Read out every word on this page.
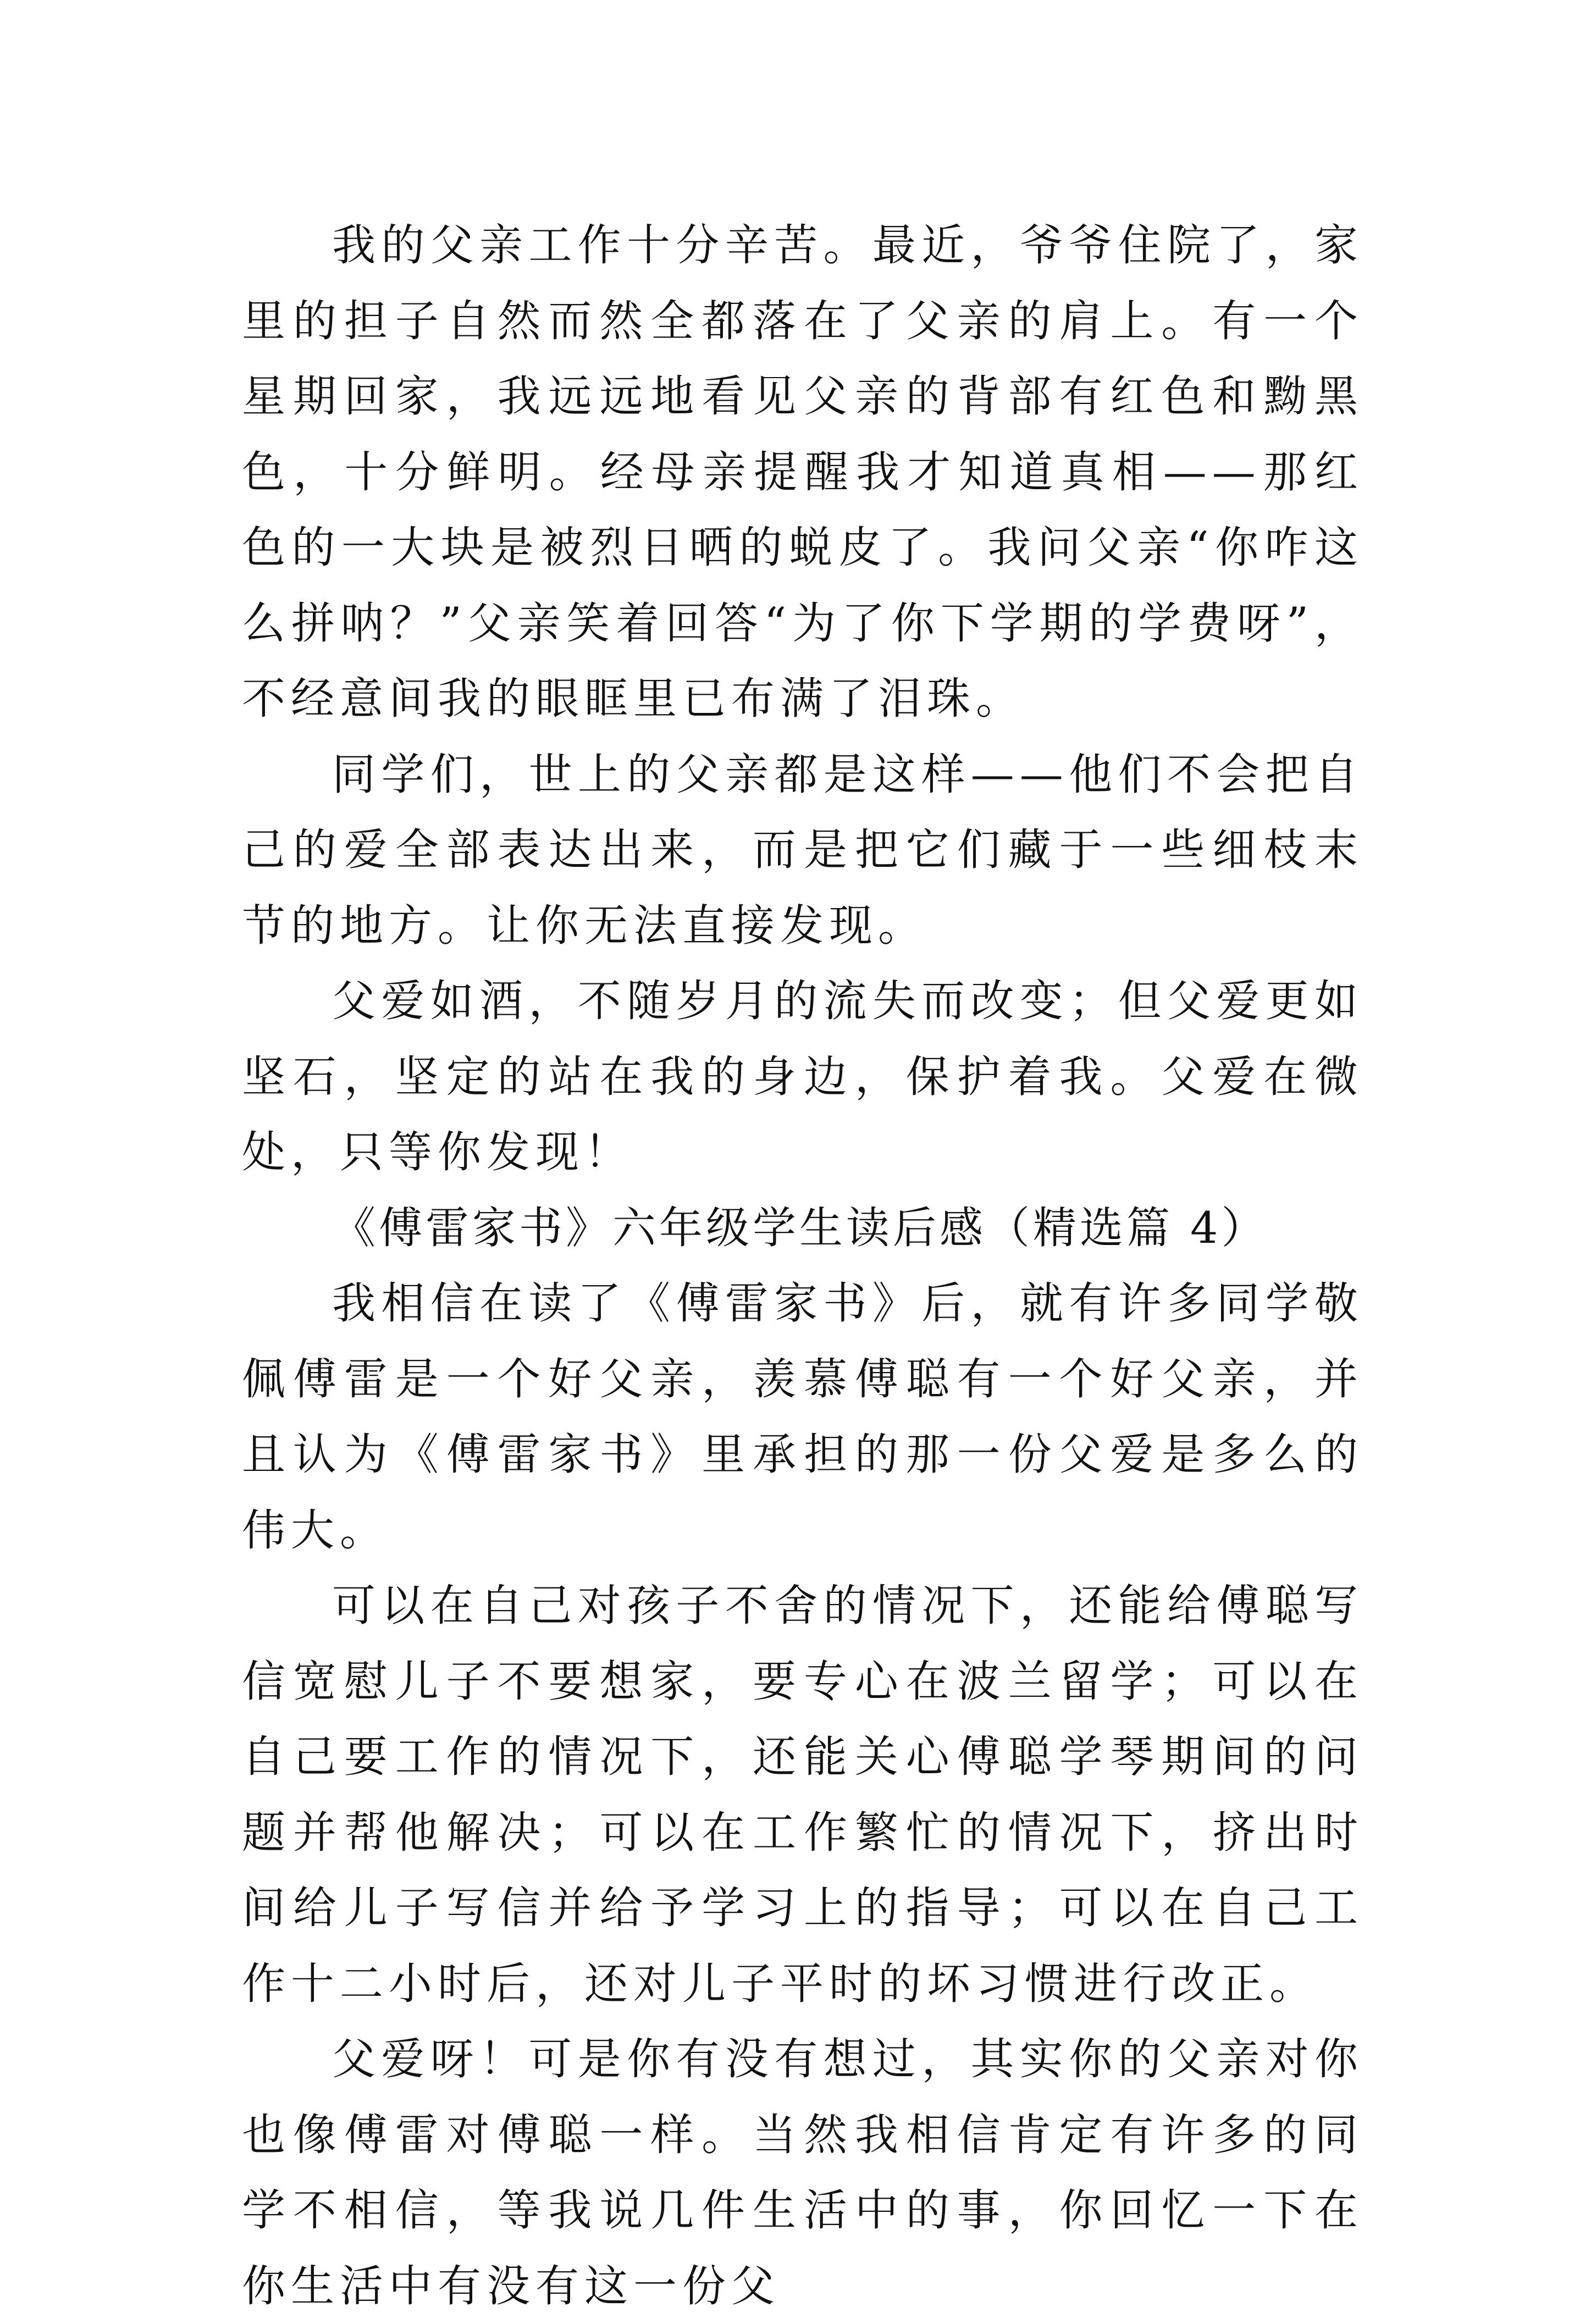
我的父亲工作十分辛苦。最近，爷爷住院了，家里的担子自然而然全都落在了父亲的肩上。有一个星期回家，我远远地看见父亲的背部有红色和黝黑色，十分鲜明。经母亲提醒我才知道真相——那红色的一大块是被烈日晒的蜕皮了。我问父亲“你咋这么拼呐？”父亲笑着回答“为了你下学期的学费呀”，不经意间我的眼眶里已布满了泪珠。

同学们，世上的父亲都是这样——他们不会把自己的爱全部表达出来，而是把它们藏于一些细枝末节的地方。让你无法直接发现。

父爱如酒，不随岁月的流失而改变；但父爱更如坚石，坚定的站在我的身边，保护着我。父爱在微处，只等你发现！

《傅雷家书》六年级学生读后感（精选篇 4）

我相信在读了《傅雷家书》后，就有许多同学敬佩傅雷是一个好父亲，羡慕傅聪有一个好父亲，并且认为《傅雷家书》里承担的那一份父爱是多么的伟大。

可以在自己对孩子不舍的情况下，还能给傅聪写信宽慰儿子不要想家，要专心在波兰留学；可以在自己要工作的情况下，还能关心傅聪学琴期间的问题并帮他解决；可以在工作繁忙的情况下，挤出时间给儿子写信并给予学习上的指导；可以在自己工作十二小时后，还对儿子平时的坏习惯进行改正。

父爱呀！可是你有没有想过，其实你的父亲对你也像傅雷对傅聪一样。当然我相信肯定有许多的同学不相信，等我说几件生活中的事，你回忆一下在你生活中有没有这一份父
